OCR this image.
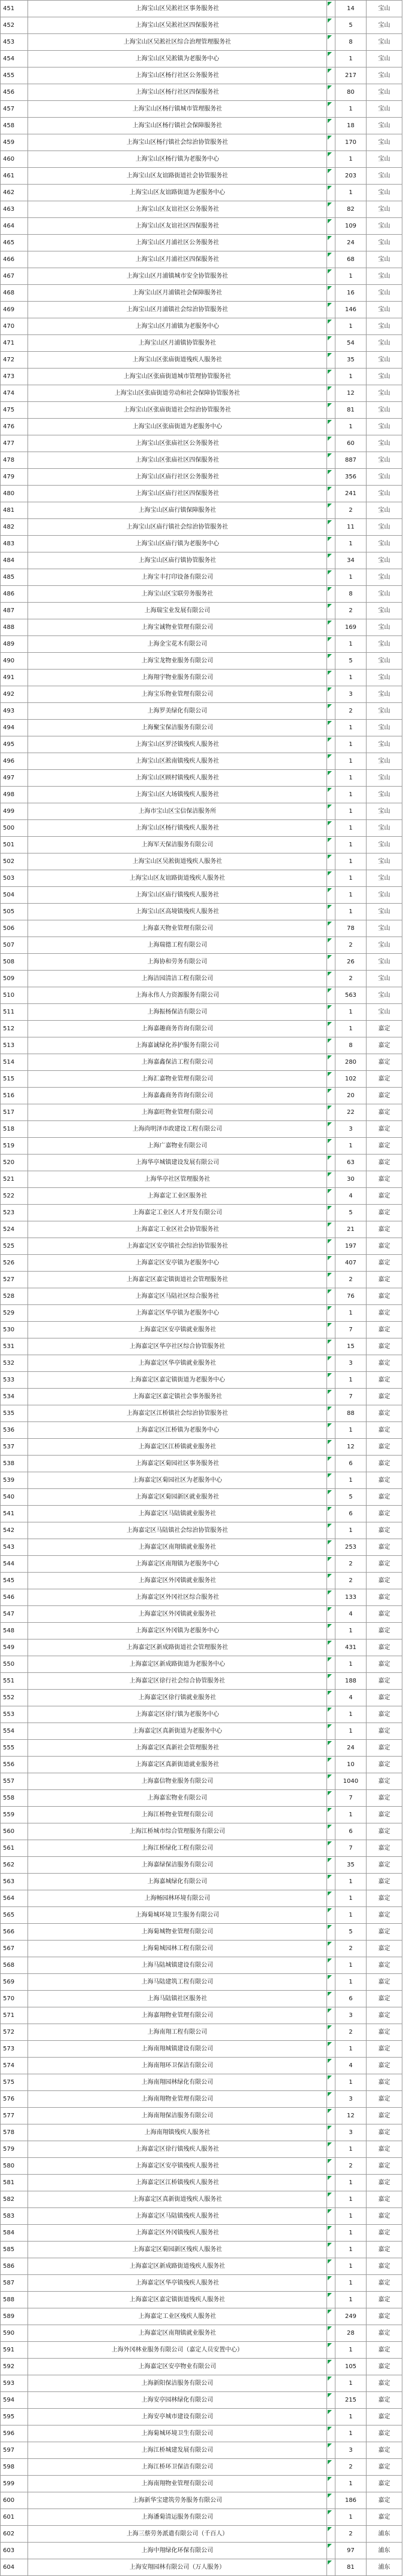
451	上海宝山区吴淞社区事务服务社		14	宝山
452	上海宝山区吴淞社区四保服务社		5	宝山
453	上海宝山区吴淞社区综合治理管理服务社		8	宝山
454	上海宝山区吴淞镇为老服务中心		1	宝山
455	上海宝山区杨行社区公务服务社		217	宝山
456	上海宝山区杨行社区四保服务社		80	宝山
457	上海宝山区杨行镇城市管理服务社		1	宝山
458	上海宝山区杨行镇社会保障服务社		18	宝山
459	上海宝山区杨行镇社会综治协管服务社		170	宝山
460	上海宝山区杨行镇为老服务中心		1	宝山
461	上海宝山区友谊路街道社会协管服务社		203	宝山
462	上海宝山区友谊路街道为老服务中心		1	宝山
463	上海宝山区友谊社区公务服务社		82	宝山
464	上海宝山区友谊社区四保服务社		109	宝山
465	上海宝山区月浦社区公务服务社		24	宝山
466	上海宝山区月浦社区四保服务社		68	宝山
467	上海宝山区月浦镇城市安全协管服务社		1	宝山
468	上海宝山区月浦镇社会保障服务社		16	宝山
469	上海宝山区月浦镇社会综治协管服务社		146	宝山
470	上海宝山区月浦镇为老服务中心		1	宝山
471	上海宝山区月浦镇协管服务社		54	宝山
472	上海宝山区张庙街道残疾人服务社		35	宝山
473	上海宝山区张庙街道城市管理协管服务社		1	宝山
474	上海宝山区张庙街道劳动和社会保障协管服务社		12	宝山
475	上海宝山区张庙街道社会综治协管服务社		81	宝山
476	上海宝山区张庙街道为老服务中心		1	宝山
477	上海宝山区张庙社区公务服务社		60	宝山
478	上海宝山区张庙社区四保服务社		887	宝山
479	上海宝山区庙行社区公务服务社		356	宝山
480	上海宝山区庙行社区四保服务社		241	宝山
481	上海宝山区庙行镇保障服务社		2	宝山
482	上海宝山区庙行镇社会综治协管服务社		11	宝山
483	上海宝山区庙行镇为老服务中心		1	宝山
484	上海宝山区庙行镇协管服务社		34	宝山
485	上海宝丰打印设备有限公司		1	宝山
486	上海宝山区宝联劳务服务社		8	宝山
487	上海瑞宝业发展有限公司		2	宝山
488	上海宝诚物业管理有限公司		169	宝山
489	上海金宝花木有限公司		1	宝山
490	上海宝龙物业服务有限公司		5	宝山
491	上海翔宇物业服务有限公司		1	宝山
492	上海宝乐物业管理有限公司		3	宝山
493	上海罗美绿化有限公司		2	宝山
494	上海聚宝保洁服务有限公司		1	宝山
495	上海宝山区罗泾镇残疾人服务社		1	宝山
496	上海宝山区淞南镇残疾人服务社		1	宝山
497	上海宝山区顾村镇残疾人服务社		1	宝山
498	上海宝山区大场镇残疾人服务社		1	宝山
499	上海市宝山区宝信保洁服务所		1	宝山
500	上海宝山区杨行镇残疾人服务社		1	宝山
501	上海军天保洁服务有限公司		1	宝山
502	上海宝山区吴淞街道残疾人服务社		1	宝山
503	上海宝山区友谊路街道残疾人服务社		1	宝山
504	上海宝山区庙行镇残疾人服务社		1	宝山
505	上海宝山区高境镇残疾人服务社		1	宝山
506	上海嘉天物业管理有限公司		78	宝山
507	上海瑞德工程有限公司		2	宝山
508	上海协和劳务有限公司		26	宝山
509	上海洁园清洁工程有限公司		2	宝山
510	上海永伟人力资源服务有限公司		563	宝山
511	上海振杨保洁有限公司		1	宝山
512	上海嘉趣商务咨询有限公司		1	嘉定
513	上海嘉诚绿化养护服务有限公司		8	嘉定
514	上海嘉鑫保洁工程有限公司		280	嘉定
515	上海汇嘉物业管理有限公司		102	嘉定
516	上海嘉鑫商务咨询有限公司		20	嘉定
517	上海嘉旺物业管理有限公司		22	嘉定
518	上海尚明泽市政建设工程有限公司		3	嘉定
519	上海广嘉物业有限公司		1	嘉定
520	上海华亭城镇建设发展有限公司		63	嘉定
521	上海华亭社区管理服务社		30	嘉定
522	上海嘉定工业区服务社		4	嘉定
523	上海嘉定工业区人才开发有限公司		5	嘉定
524	上海嘉定工业区社会协管服务社		21	嘉定
525	上海嘉定区安亭镇社会综治协管服务社		197	嘉定
526	上海嘉定区安亭镇为老服务中心		407	嘉定
527	上海嘉定区嘉定镇街道社会管理服务社		2	嘉定
528	上海嘉定区马陆社区综合服务社		76	嘉定
529	上海嘉定区华亭镇为老服务中心		1	嘉定
530	上海嘉定区安亭镇就业服务社		7	嘉定
531	上海嘉定区华亭社区综合协管服务社		15	嘉定
532	上海嘉定区华亭镇就业服务社		3	嘉定
533	上海嘉定区嘉定镇街道为老服务中心		1	嘉定
534	上海嘉定区嘉定镇社会事务服务社		7	嘉定
535	上海嘉定区江桥镇社会综治协管服务社		88	嘉定
536	上海嘉定区江桥镇为老服务中心		1	嘉定
537	上海嘉定区江桥镇就业服务社		12	嘉定
538	上海嘉定区菊园社区事务服务社		6	嘉定
539	上海嘉定区菊园社区为老服务中心		1	嘉定
540	上海嘉定区菊园新区就业服务社		5	嘉定
541	上海嘉定区马陆镇就业服务社		6	嘉定
542	上海嘉定区马陆镇社会综治协管服务社		1	嘉定
543	上海嘉定区南翔镇就业服务社		253	嘉定
544	上海嘉定区南翔镇为老服务中心		2	嘉定
545	上海嘉定区外冈镇就业服务社		2	嘉定
546	上海嘉定区外冈社区综合服务社		133	嘉定
547	上海嘉定区外冈镇就业服务社		4	嘉定
548	上海嘉定区外冈镇为老服务中心		1	嘉定
549	上海嘉定区新成路街道社会管理服务社		431	嘉定
550	上海嘉定区新成路街道为老服务中心		1	嘉定
551	上海嘉定区徐行社会综合协管服务社		188	嘉定
552	上海嘉定区徐行镇就业服务社		4	嘉定
553	上海嘉定区徐行镇为老服务中心		1	嘉定
554	上海嘉定区真新街道为老服务中心		1	嘉定
555	上海嘉定区真新社会管理服务社		24	嘉定
556	上海嘉定区真新街道就业服务社		10	嘉定
557	上海嘉信物业服务有限公司		1040	嘉定
558	上海嘉宏物业有限公司		7	嘉定
559	上海江桥物业管理有限公司		1	嘉定
560	上海江桥城市综合管理服务有限公司		6	嘉定
561	上海江桥绿化工程有限公司		7	嘉定
562	上海嘉绿保洁服务有限公司		35	嘉定
563	上海嘉城绿化有限公司		1	嘉定
564	上海畅园林环境有限公司		1	嘉定
565	上海菊城环境卫生服务有限公司		1	嘉定
566	上海菊城物业管理有限公司		5	嘉定
567	上海菊城园林工程有限公司		2	嘉定
568	上海马陆城镇建设有限公司		1	嘉定
569	上海马陆建筑工程有限公司		1	嘉定
570	上海马陆镇社区服务社		6	嘉定
571	上海嘉翔物业管理有限公司		3	嘉定
572	上海南翔工程有限公司		2	嘉定
573	上海南翔城镇建设有限公司		1	嘉定
574	上海南翔环卫保洁有限公司		4	嘉定
575	上海南翔园林绿化有限公司		1	嘉定
576	上海南翔物业管理有限公司		3	嘉定
577	上海南翔保洁服务有限公司		12	嘉定
578	上海南翔镇残疾人服务社		3	嘉定
579	上海嘉定区徐行镇残疾人服务社		1	嘉定
580	上海嘉定区安亭镇残疾人服务社		2	嘉定
581	上海嘉定区江桥镇残疾人服务社		1	嘉定
582	上海嘉定区真新街道残疾人服务社		1	嘉定
583	上海嘉定区马陆镇残疾人服务社		1	嘉定
584	上海嘉定区外冈镇残疾人服务社		1	嘉定
585	上海嘉定区菊园新区残疾人服务社		1	嘉定
586	上海嘉定区新成路街道残疾人服务社		1	嘉定
587	上海嘉定区华亭镇残疾人服务社		1	嘉定
588	上海嘉定区嘉定镇街道残疾人服务社		1	嘉定
589	上海嘉定工业区残疾人服务社		249	嘉定
590	上海嘉定区南翔镇就业服务社		28	嘉定
591	上海外冈林业服务有限公司（嘉定人员安置中心）		1	嘉定
592	上海嘉定区安亭物业有限公司		105	嘉定
593	上海新阳保洁服务有限公司		1	嘉定
594	上海安亭园林绿化有限公司		215	嘉定
595	上海安亭城市建设有限公司		1	嘉定
596	上海菊城环境卫生有限公司		1	嘉定
597	上海江桥城建发展有限公司		3	嘉定
598	上海江桥环卫保洁有限公司		2	嘉定
599	上海南翔物业管理有限公司		1	嘉定
600	上海新华宝建筑劳务服务有限公司		186	嘉定
601	上海潘菊清运服务有限公司		1	嘉定
602	上海三蔡劳务派遣有限公司（千百人）		2	浦东
603	上海中翔绿化环保有限公司		97	浦东
604	上海安翔园林有限公司（万人服务）		81	浦东
